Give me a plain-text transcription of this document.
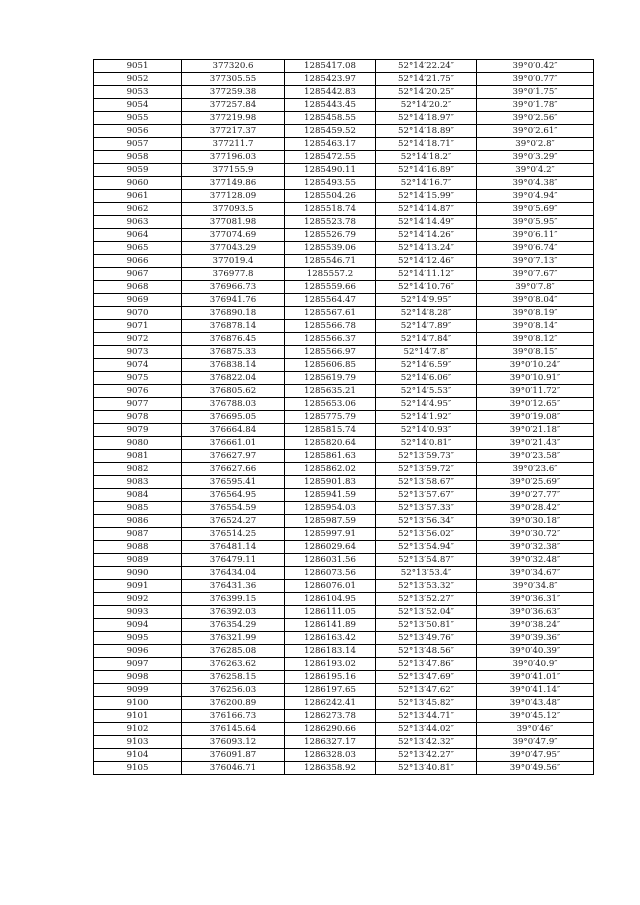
9051	377320.6	1285417.08	52°14′22.24″	39°0′0.42″
9052	377305.55	1285423.97	52°14′21.75″	39°0′0.77″
9053	377259.38	1285442.83	52°14′20.25″	39°0′1.75″
9054	377257.84	1285443.45	52°14′20.2″	39°0′1.78″
9055	377219.98	1285458.55	52°14′18.97″	39°0′2.56″
9056	377217.37	1285459.52	52°14′18.89″	39°0′2.61″
9057	377211.7	1285463.17	52°14′18.71″	39°0′2.8″
9058	377196.03	1285472.55	52°14′18.2″	39°0′3.29″
9059	377155.9	1285490.11	52°14′16.89″	39°0′4.2″
9060	377149.86	1285493.55	52°14′16.7″	39°0′4.38″
9061	377128.09	1285504.26	52°14′15.99″	39°0′4.94″
9062	377093.5	1285518.74	52°14′14.87″	39°0′5.69″
9063	377081.98	1285523.78	52°14′14.49″	39°0′5.95″
9064	377074.69	1285526.79	52°14′14.26″	39°0′6.11″
9065	377043.29	1285539.06	52°14′13.24″	39°0′6.74″
9066	377019.4	1285546.71	52°14′12.46″	39°0′7.13″
9067	376977.8	1285557.2	52°14′11.12″	39°0′7.67″
9068	376966.73	1285559.66	52°14′10.76″	39°0′7.8″
9069	376941.76	1285564.47	52°14′9.95″	39°0′8.04″
9070	376890.18	1285567.61	52°14′8.28″	39°0′8.19″
9071	376878.14	1285566.78	52°14′7.89″	39°0′8.14″
9072	376876.45	1285566.37	52°14′7.84″	39°0′8.12″
9073	376875.33	1285566.97	52°14′7.8″	39°0′8.15″
9074	376838.14	1285606.85	52°14′6.59″	39°0′10.24″
9075	376822.04	1285619.79	52°14′6.06″	39°0′10.91″
9076	376805.62	1285635.21	52°14′5.53″	39°0′11.72″
9077	376788.03	1285653.06	52°14′4.95″	39°0′12.65″
9078	376695.05	1285775.79	52°14′1.92″	39°0′19.08″
9079	376664.84	1285815.74	52°14′0.93″	39°0′21.18″
9080	376661.01	1285820.64	52°14′0.81″	39°0′21.43″
9081	376627.97	1285861.63	52°13′59.73″	39°0′23.58″
9082	376627.66	1285862.02	52°13′59.72″	39°0′23.6″
9083	376595.41	1285901.83	52°13′58.67″	39°0′25.69″
9084	376564.95	1285941.59	52°13′57.67″	39°0′27.77″
9085	376554.59	1285954.03	52°13′57.33″	39°0′28.42″
9086	376524.27	1285987.59	52°13′56.34″	39°0′30.18″
9087	376514.25	1285997.91	52°13′56.02″	39°0′30.72″
9088	376481.14	1286029.64	52°13′54.94″	39°0′32.38″
9089	376479.11	1286031.56	52°13′54.87″	39°0′32.48″
9090	376434.04	1286073.56	52°13′53.4″	39°0′34.67″
9091	376431.36	1286076.01	52°13′53.32″	39°0′34.8″
9092	376399.15	1286104.95	52°13′52.27″	39°0′36.31″
9093	376392.03	1286111.05	52°13′52.04″	39°0′36.63″
9094	376354.29	1286141.89	52°13′50.81″	39°0′38.24″
9095	376321.99	1286163.42	52°13′49.76″	39°0′39.36″
9096	376285.08	1286183.14	52°13′48.56″	39°0′40.39″
9097	376263.62	1286193.02	52°13′47.86″	39°0′40.9″
9098	376258.15	1286195.16	52°13′47.69″	39°0′41.01″
9099	376256.03	1286197.65	52°13′47.62″	39°0′41.14″
9100	376200.89	1286242.41	52°13′45.82″	39°0′43.48″
9101	376166.73	1286273.78	52°13′44.71″	39°0′45.12″
9102	376145.64	1286290.66	52°13′44.02″	39°0′46″
9103	376093.12	1286327.17	52°13′42.32″	39°0′47.9″
9104	376091.87	1286328.03	52°13′42.27″	39°0′47.95″
9105	376046.71	1286358.92	52°13′40.81″	39°0′49.56″
